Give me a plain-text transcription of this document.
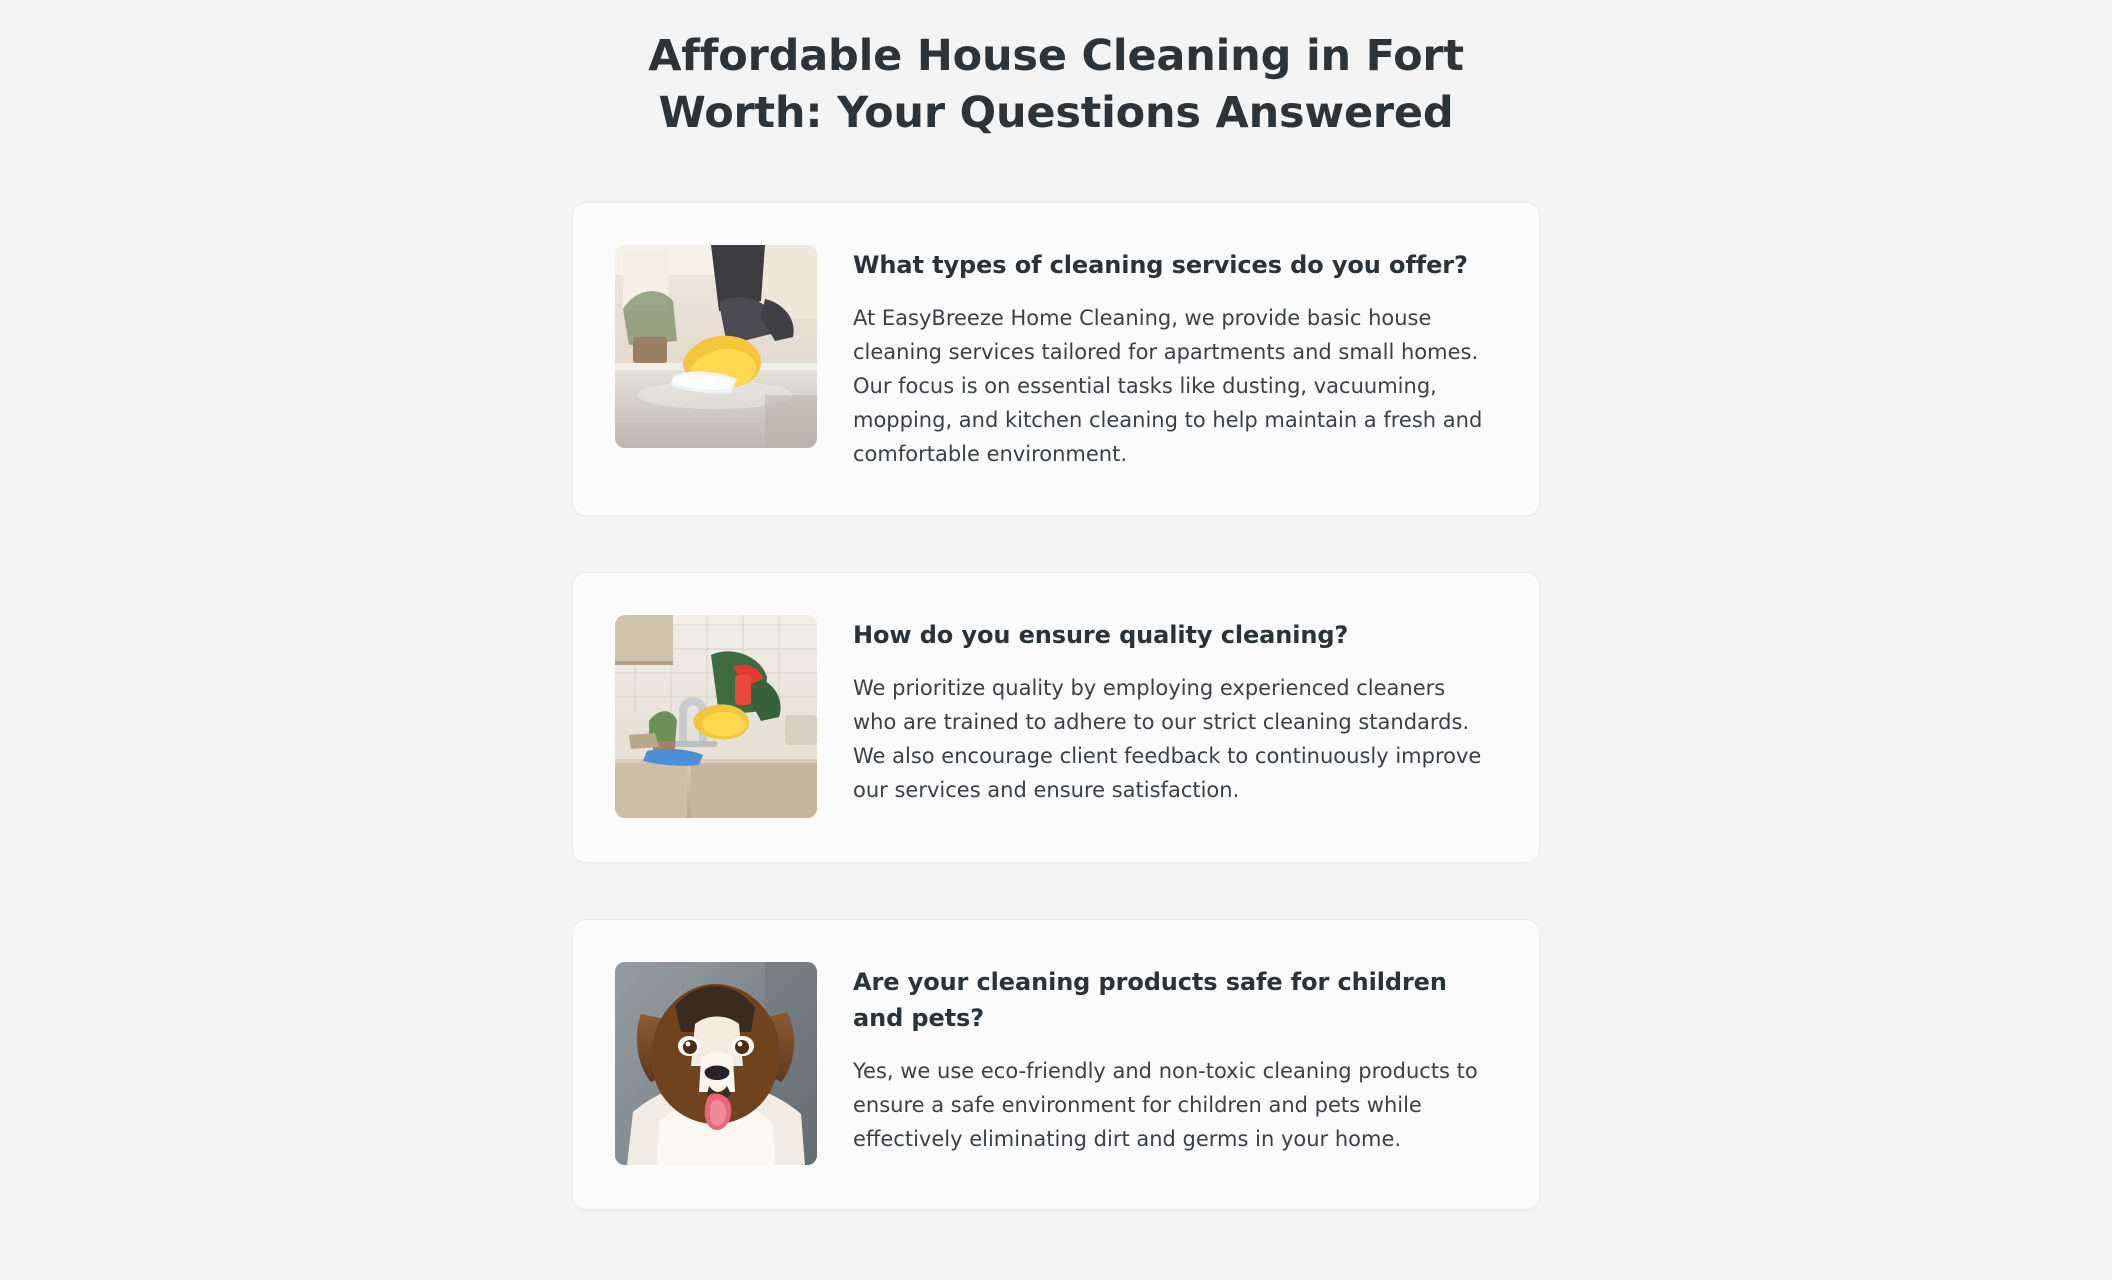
Affordable House Cleaning in Fort Worth: Your Questions Answered
What types of cleaning services do you offer?

At EasyBreeze Home Cleaning, we provide basic house cleaning services tailored for apartments and small homes. Our focus is on essential tasks like dusting, vacuuming, mopping, and kitchen cleaning to help maintain a fresh and comfortable environment.

How do you ensure quality cleaning?

We prioritize quality by employing experienced cleaners who are trained to adhere to our strict cleaning standards. We also encourage client feedback to continuously improve our services and ensure satisfaction.

Are your cleaning products safe for children and pets?

Yes, we use eco-friendly and non-toxic cleaning products to ensure a safe environment for children and pets while effectively eliminating dirt and germs in your home.
